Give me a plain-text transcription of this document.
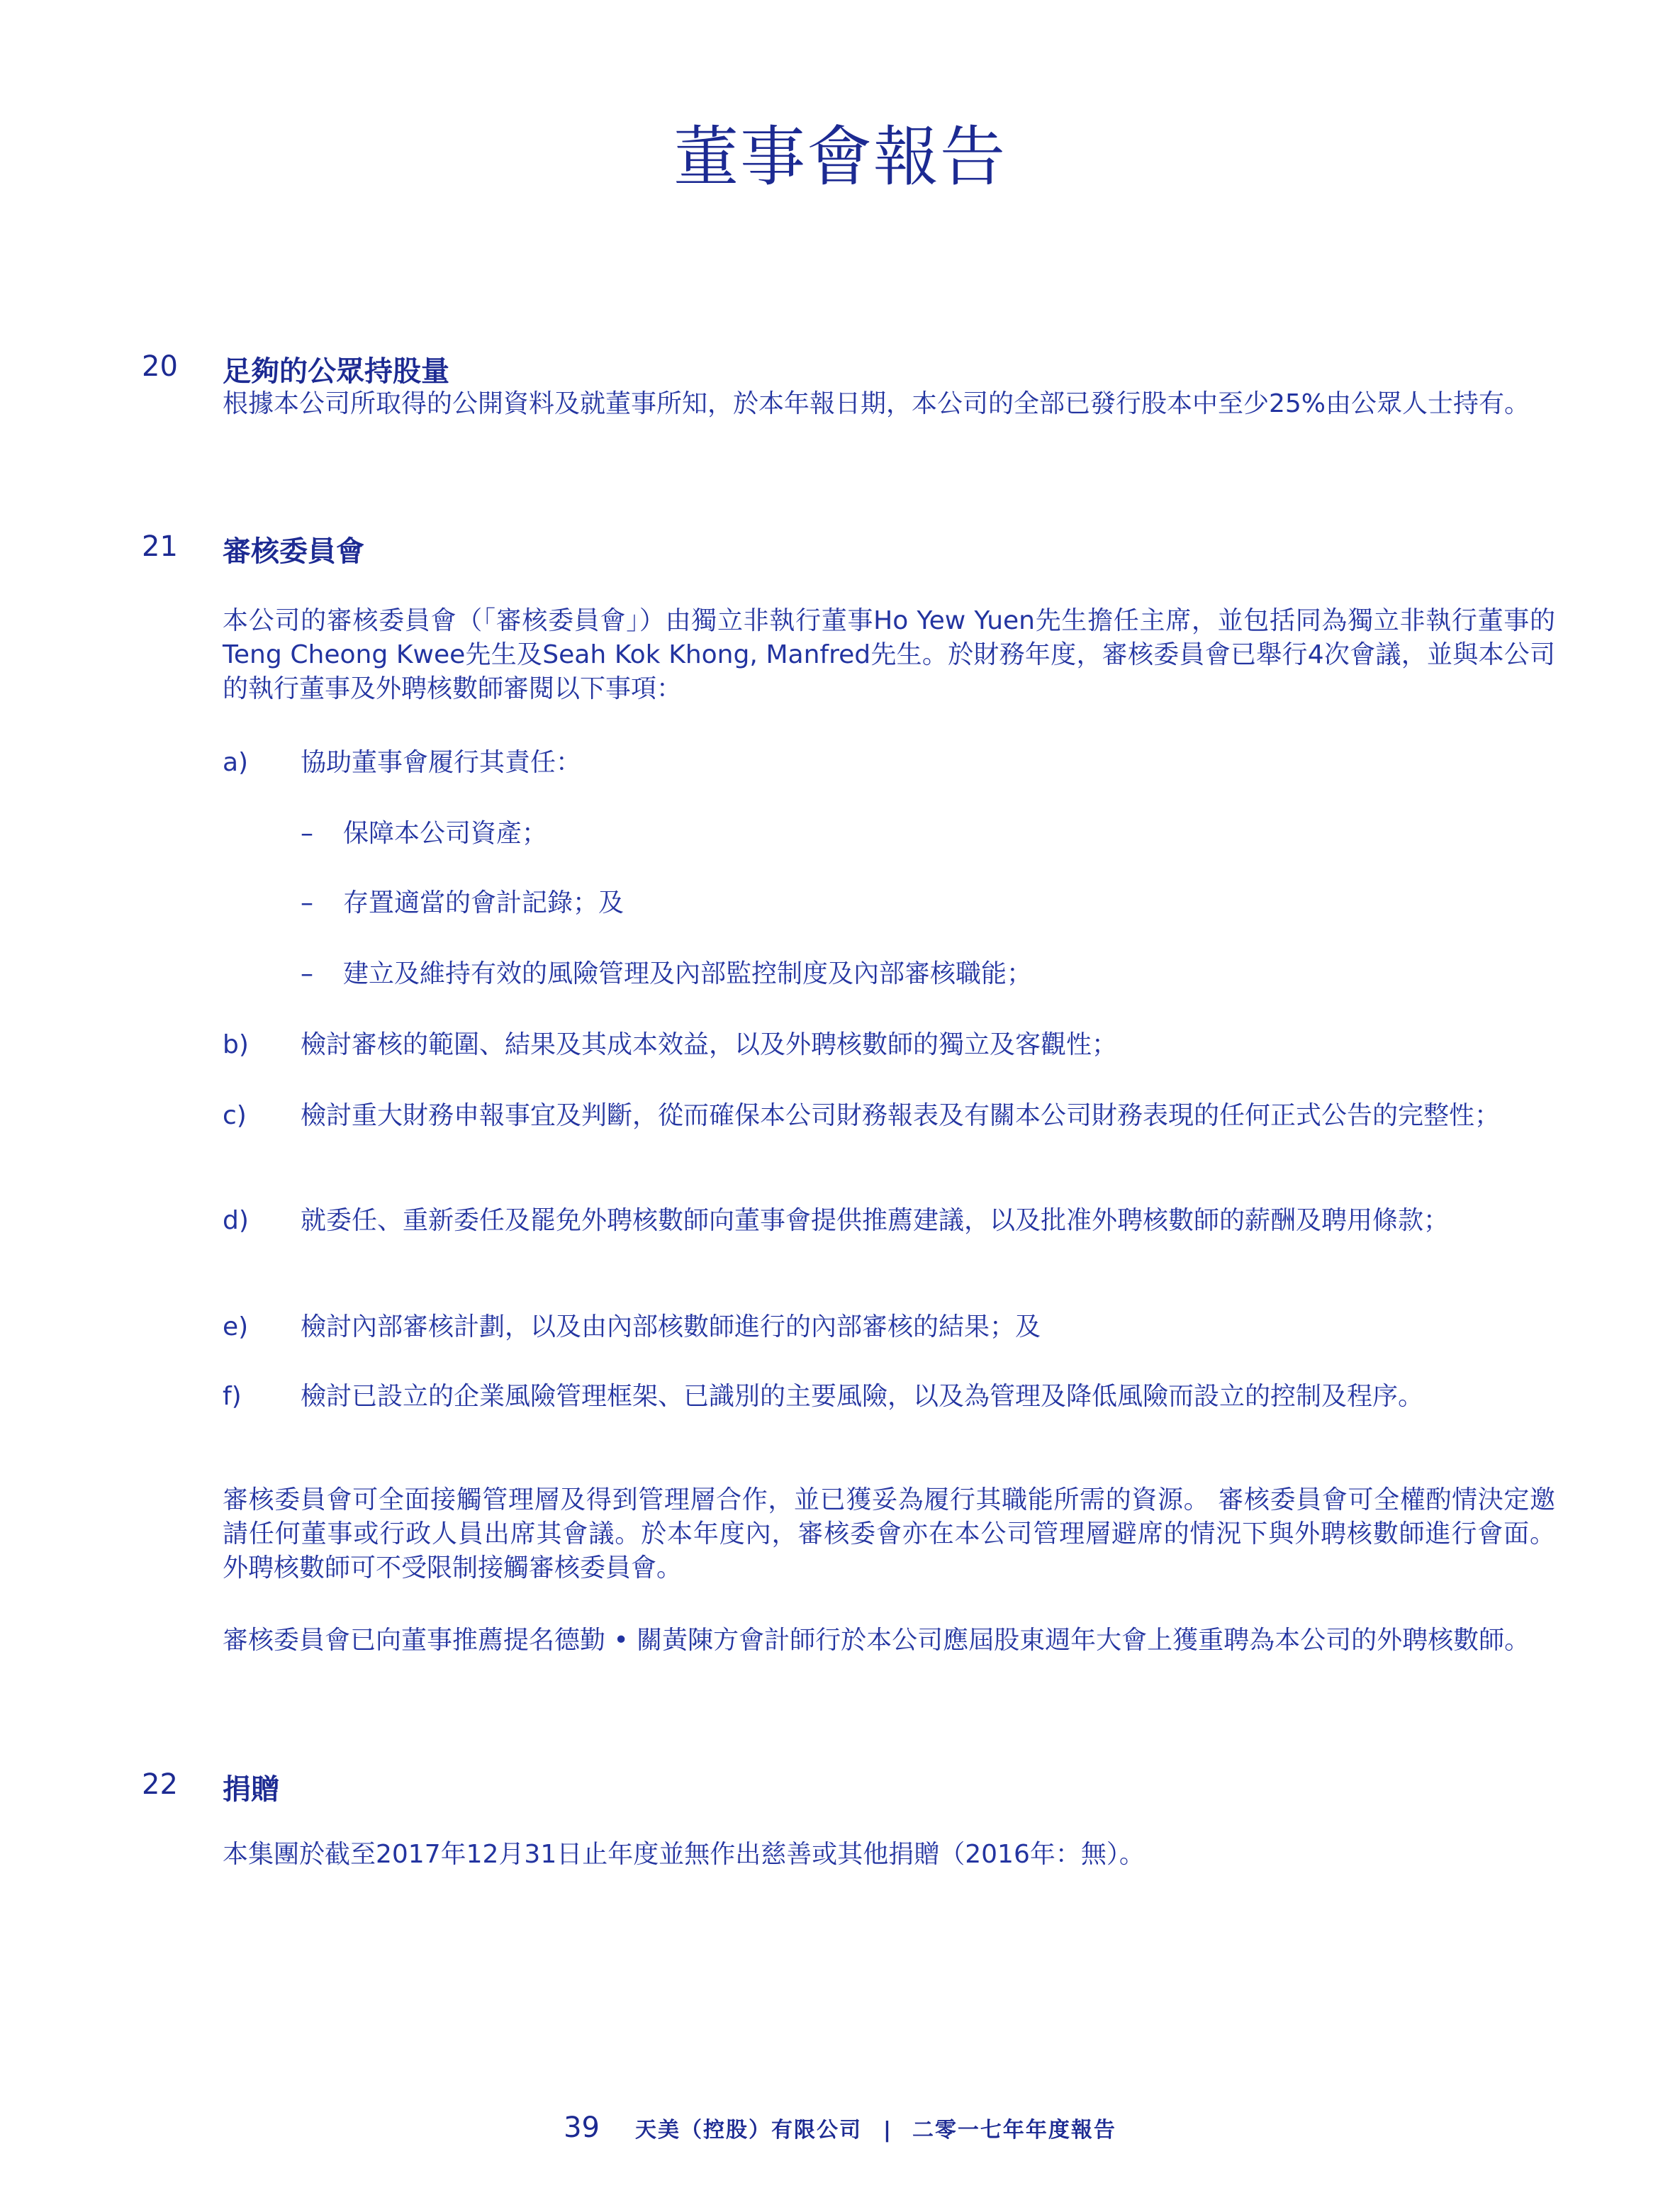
董事會報告
20 足夠的公眾持股量
根據本公司所取得的公開資料及就董事所知，於本年報日期，本公司的全部已發行股本中至少25%由公眾人士持有。
21 審核委員會
本公司的審核委員會（「審核委員會」）由獨立非執行董事Ho Yew Yuen先生擔任主席，並包括同為獨立非執行董事的Teng Cheong Kwee先生及Seah Kok Khong, Manfred先生。於財務年度，審核委員會已舉行4次會議，並與本公司的執行董事及外聘核數師審閱以下事項：
a) 協助董事會履行其責任：
– 保障本公司資產；
– 存置適當的會計記錄；及
– 建立及維持有效的風險管理及內部監控制度及內部審核職能；
b) 檢討審核的範圍、結果及其成本效益，以及外聘核數師的獨立及客觀性；
c) 檢討重大財務申報事宜及判斷，從而確保本公司財務報表及有關本公司財務表現的任何正式公告的完整性；
d) 就委任、重新委任及罷免外聘核數師向董事會提供推薦建議，以及批准外聘核數師的薪酬及聘用條款；
e) 檢討內部審核計劃，以及由內部核數師進行的內部審核的結果；及
f) 檢討已設立的企業風險管理框架、已識別的主要風險，以及為管理及降低風險而設立的控制及程序。
審核委員會可全面接觸管理層及得到管理層合作，並已獲妥為履行其職能所需的資源。 審核委員會可全權酌情決定邀請任何董事或行政人員出席其會議。於本年度內，審核委會亦在本公司管理層避席的情況下與外聘核數師進行會面。 外聘核數師可不受限制接觸審核委員會。
審核委員會已向董事推薦提名德勤 • 關黃陳方會計師行於本公司應屆股東週年大會上獲重聘為本公司的外聘核數師。
22 捐贈
本集團於截至2017年12月31日止年度並無作出慈善或其他捐贈（2016年：無）。
39 天美（控股）有限公司 | 二零一七年年度報告
